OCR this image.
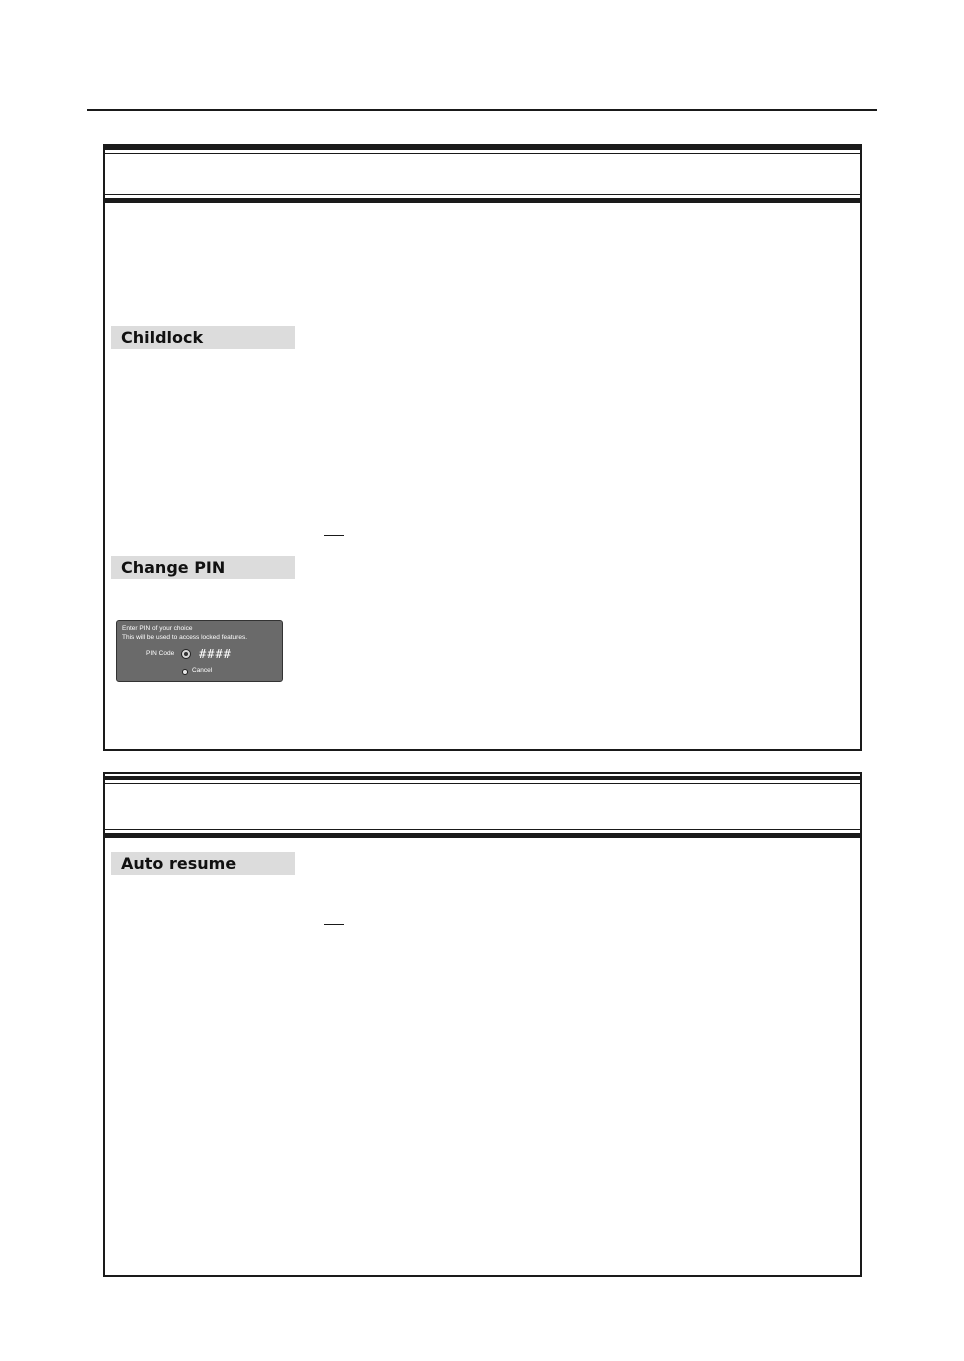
Childlock
Change PIN
Enter PIN of your choice
This will be used to access locked features.
PIN Code ####
Cancel
Auto resume
